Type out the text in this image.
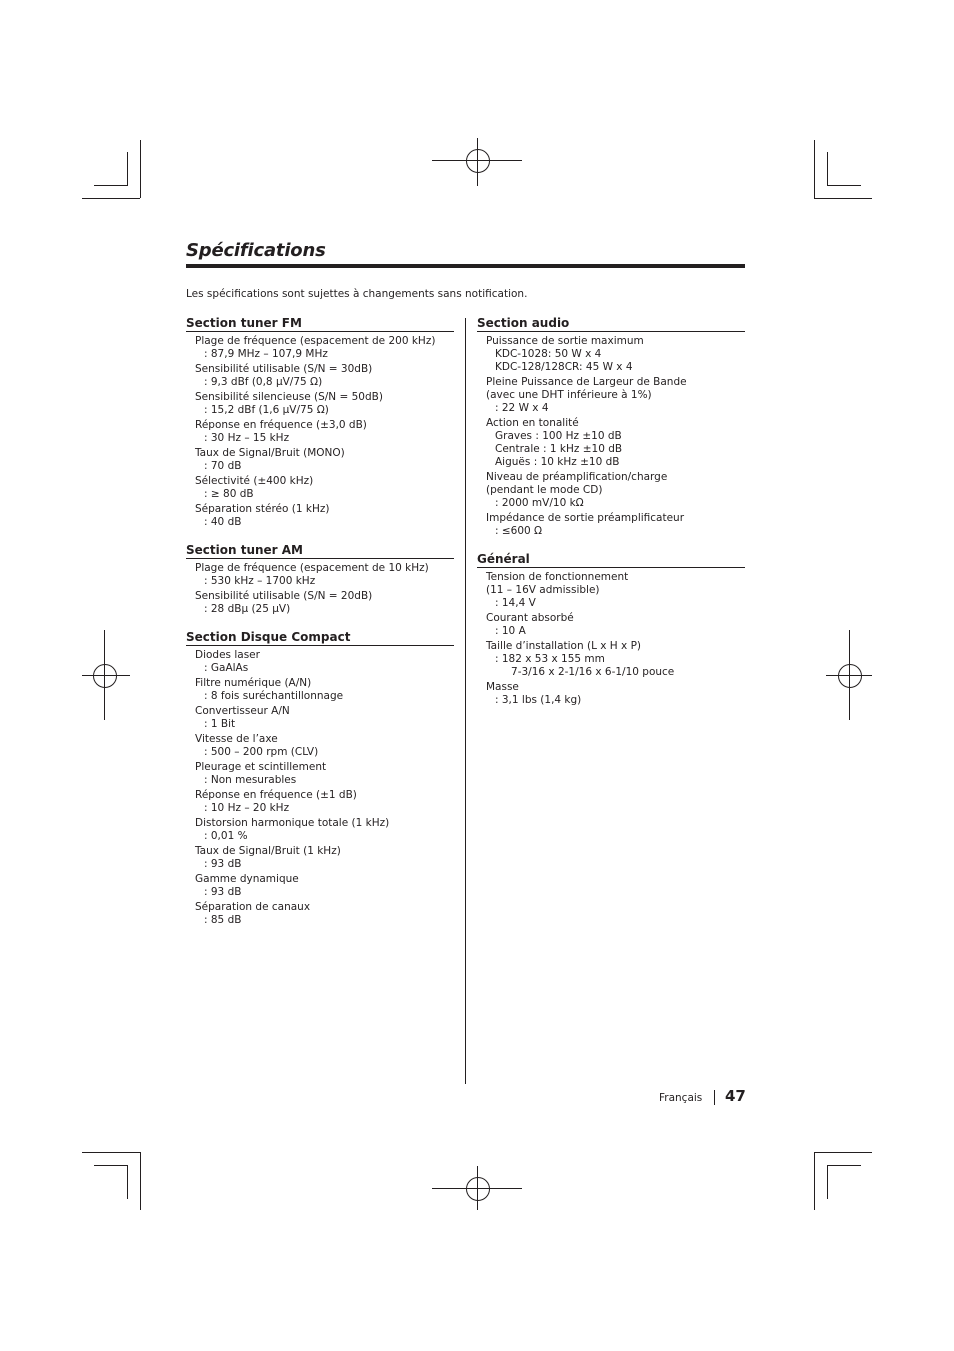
Spécifications
Les spécifications sont sujettes à changements sans notification.
Section tuner FM
Plage de fréquence (espacement de 200 kHz)
: 87,9 MHz – 107,9 MHz
Sensibilité utilisable (S/N = 30dB)
: 9,3 dBf (0,8 µV/75 Ω)
Sensibilité silencieuse (S/N = 50dB)
: 15,2 dBf (1,6 µV/75 Ω)
Réponse en fréquence (±3,0 dB)
: 30 Hz – 15 kHz
Taux de Signal/Bruit (MONO)
: 70 dB
Sélectivité (±400 kHz)
: ≥ 80 dB
Séparation stéréo (1 kHz)
: 40 dB
Section tuner AM
Plage de fréquence (espacement de 10 kHz)
: 530 kHz – 1700 kHz
Sensibilité utilisable (S/N = 20dB)
: 28 dBµ (25 µV)
Section Disque Compact
Diodes laser
: GaAlAs
Filtre numérique (A/N)
: 8 fois suréchantillonnage
Convertisseur A/N
: 1 Bit
Vitesse de l’axe
: 500 – 200 rpm (CLV)
Pleurage et scintillement
: Non mesurables
Réponse en fréquence (±1 dB)
: 10 Hz – 20 kHz
Distorsion harmonique totale (1 kHz)
: 0,01 %
Taux de Signal/Bruit (1 kHz)
: 93 dB
Gamme dynamique
: 93 dB
Séparation de canaux
: 85 dB
Section audio
Puissance de sortie maximum
KDC-1028: 50 W x 4
KDC-128/128CR: 45 W x 4
Pleine Puissance de Largeur de Bande
(avec une DHT inférieure à 1%)
: 22 W x 4
Action en tonalité
Graves : 100 Hz ±10 dB
Centrale : 1 kHz ±10 dB
Aiguës : 10 kHz ±10 dB
Niveau de préamplification/charge
(pendant le mode CD)
: 2000 mV/10 kΩ
Impédance de sortie préamplificateur
: ≤600 Ω
Général
Tension de fonctionnement
(11 – 16V admissible)
: 14,4 V
Courant absorbé
: 10 A
Taille d’installation (L x H x P)
: 182 x 53 x 155 mm
7-3/16 x 2-1/16 x 6-1/10 pouce
Masse
: 3,1 lbs (1,4 kg)
Français 47
